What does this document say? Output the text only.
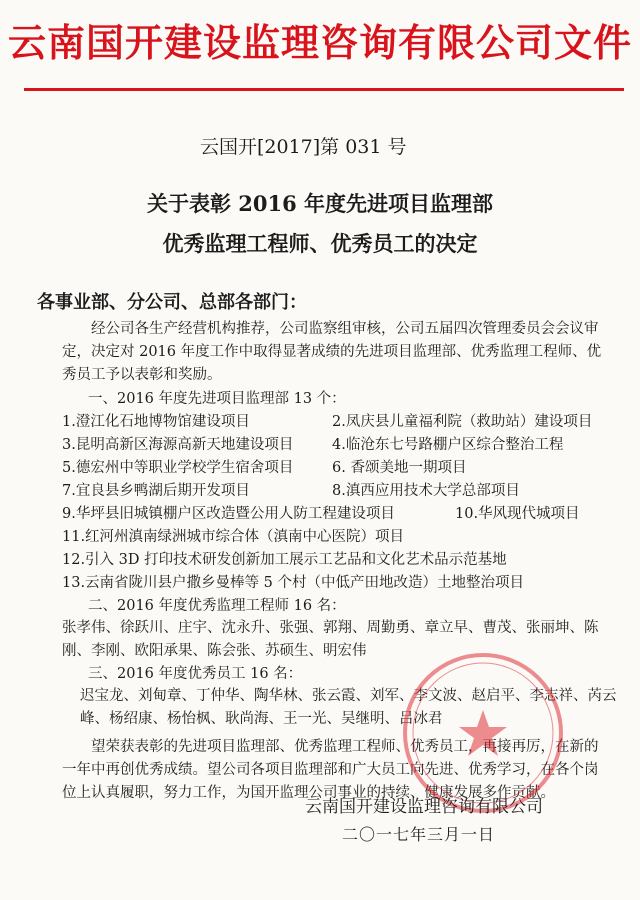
云南国开建设监理咨询有限公司文件
云国开[2017]第 031 号
关于表彰 2016 年度先进项目监理部
优秀监理工程师、优秀员工的决定
各事业部、分公司、总部各部门：
经公司各生产经营机构推荐，公司监察组审核，公司五届四次管理委员会会议审定，决定对 2016 年度工作中取得显著成绩的先进项目监理部、优秀监理工程师、优秀员工予以表彰和奖励。
一、2016 年度先进项目监理部 13 个：
1.澄江化石地博物馆建设项目	2.凤庆县儿童福利院（救助站）建设项目
3.昆明高新区海源高新天地建设项目	4.临沧东七号路棚户区综合整治工程
5.德宏州中等职业学校学生宿舍项目	6. 香颂美地一期项目
7.宜良县乡鸭湖后期开发项目	8.滇西应用技术大学总部项目
9.华坪县旧城镇棚户区改造暨公用人防工程建设项目	10.华风现代城项目
11.红河州滇南绿洲城市综合体（滇南中心医院）项目
12.引入 3D 打印技术研发创新加工展示工艺品和文化艺术品示范基地
13.云南省陇川县户撒乡曼棒等 5 个村（中低产田地改造）土地整治项目
二、2016 年度优秀监理工程师 16 名：
张孝伟、徐跃川、庄宇、沈永升、张强、郭翔、周勤勇、章立早、曹茂、张丽坤、陈刚、李刚、欧阳承果、陈会张、苏硕生、明宏伟
三、2016 年度优秀员工 16 名：
迟宝龙、刘甸章、丁仲华、陶华林、张云霞、刘军、李文波、赵启平、李志祥、芮云峰、杨绍康、杨怡枫、耿尚海、王一光、吴继明、吕冰君
望荣获表彰的先进项目监理部、优秀监理工程师、优秀员工，再接再厉，在新的一年中再创优秀成绩。望公司各项目监理部和广大员工向先进、优秀学习，在各个岗位上认真履职，努力工作，为国开监理公司事业的持续、健康发展多作贡献。
云南国开建设监理咨询有限公司
二〇一七年三月一日
